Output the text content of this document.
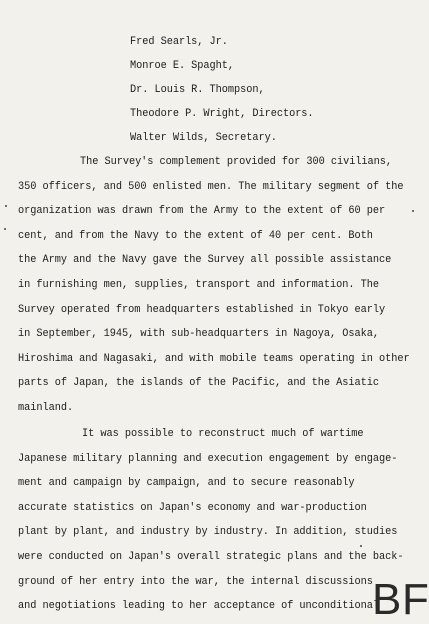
Fred Searls, Jr.
Monroe E. Spaght,
Dr. Louis R. Thompson,
Theodore P. Wright, Directors.
Walter Wilds, Secretary.
The Survey's complement provided for 300 civilians,
350 officers, and 500 enlisted men. The military segment of the
organization was drawn from the Army to the extent of 60 per
cent, and from the Navy to the extent of 40 per cent. Both
the Army and the Navy gave the Survey all possible assistance
in furnishing men, supplies, transport and information. The
Survey operated from headquarters established in Tokyo early
in September, 1945, with sub-headquarters in Nagoya, Osaka,
Hiroshima and Nagasaki, and with mobile teams operating in other
parts of Japan, the islands of the Pacific, and the Asiatic
mainland.
It was possible to reconstruct much of wartime
Japanese military planning and execution engagement by engage-
ment and campaign by campaign, and to secure reasonably
accurate statistics on Japan's economy and war-production
plant by plant, and industry by industry. In addition, studies
were conducted on Japan's overall strategic plans and the back-
ground of her entry into the war, the internal discussions
and negotiations leading to her acceptance of unconditional
B F
